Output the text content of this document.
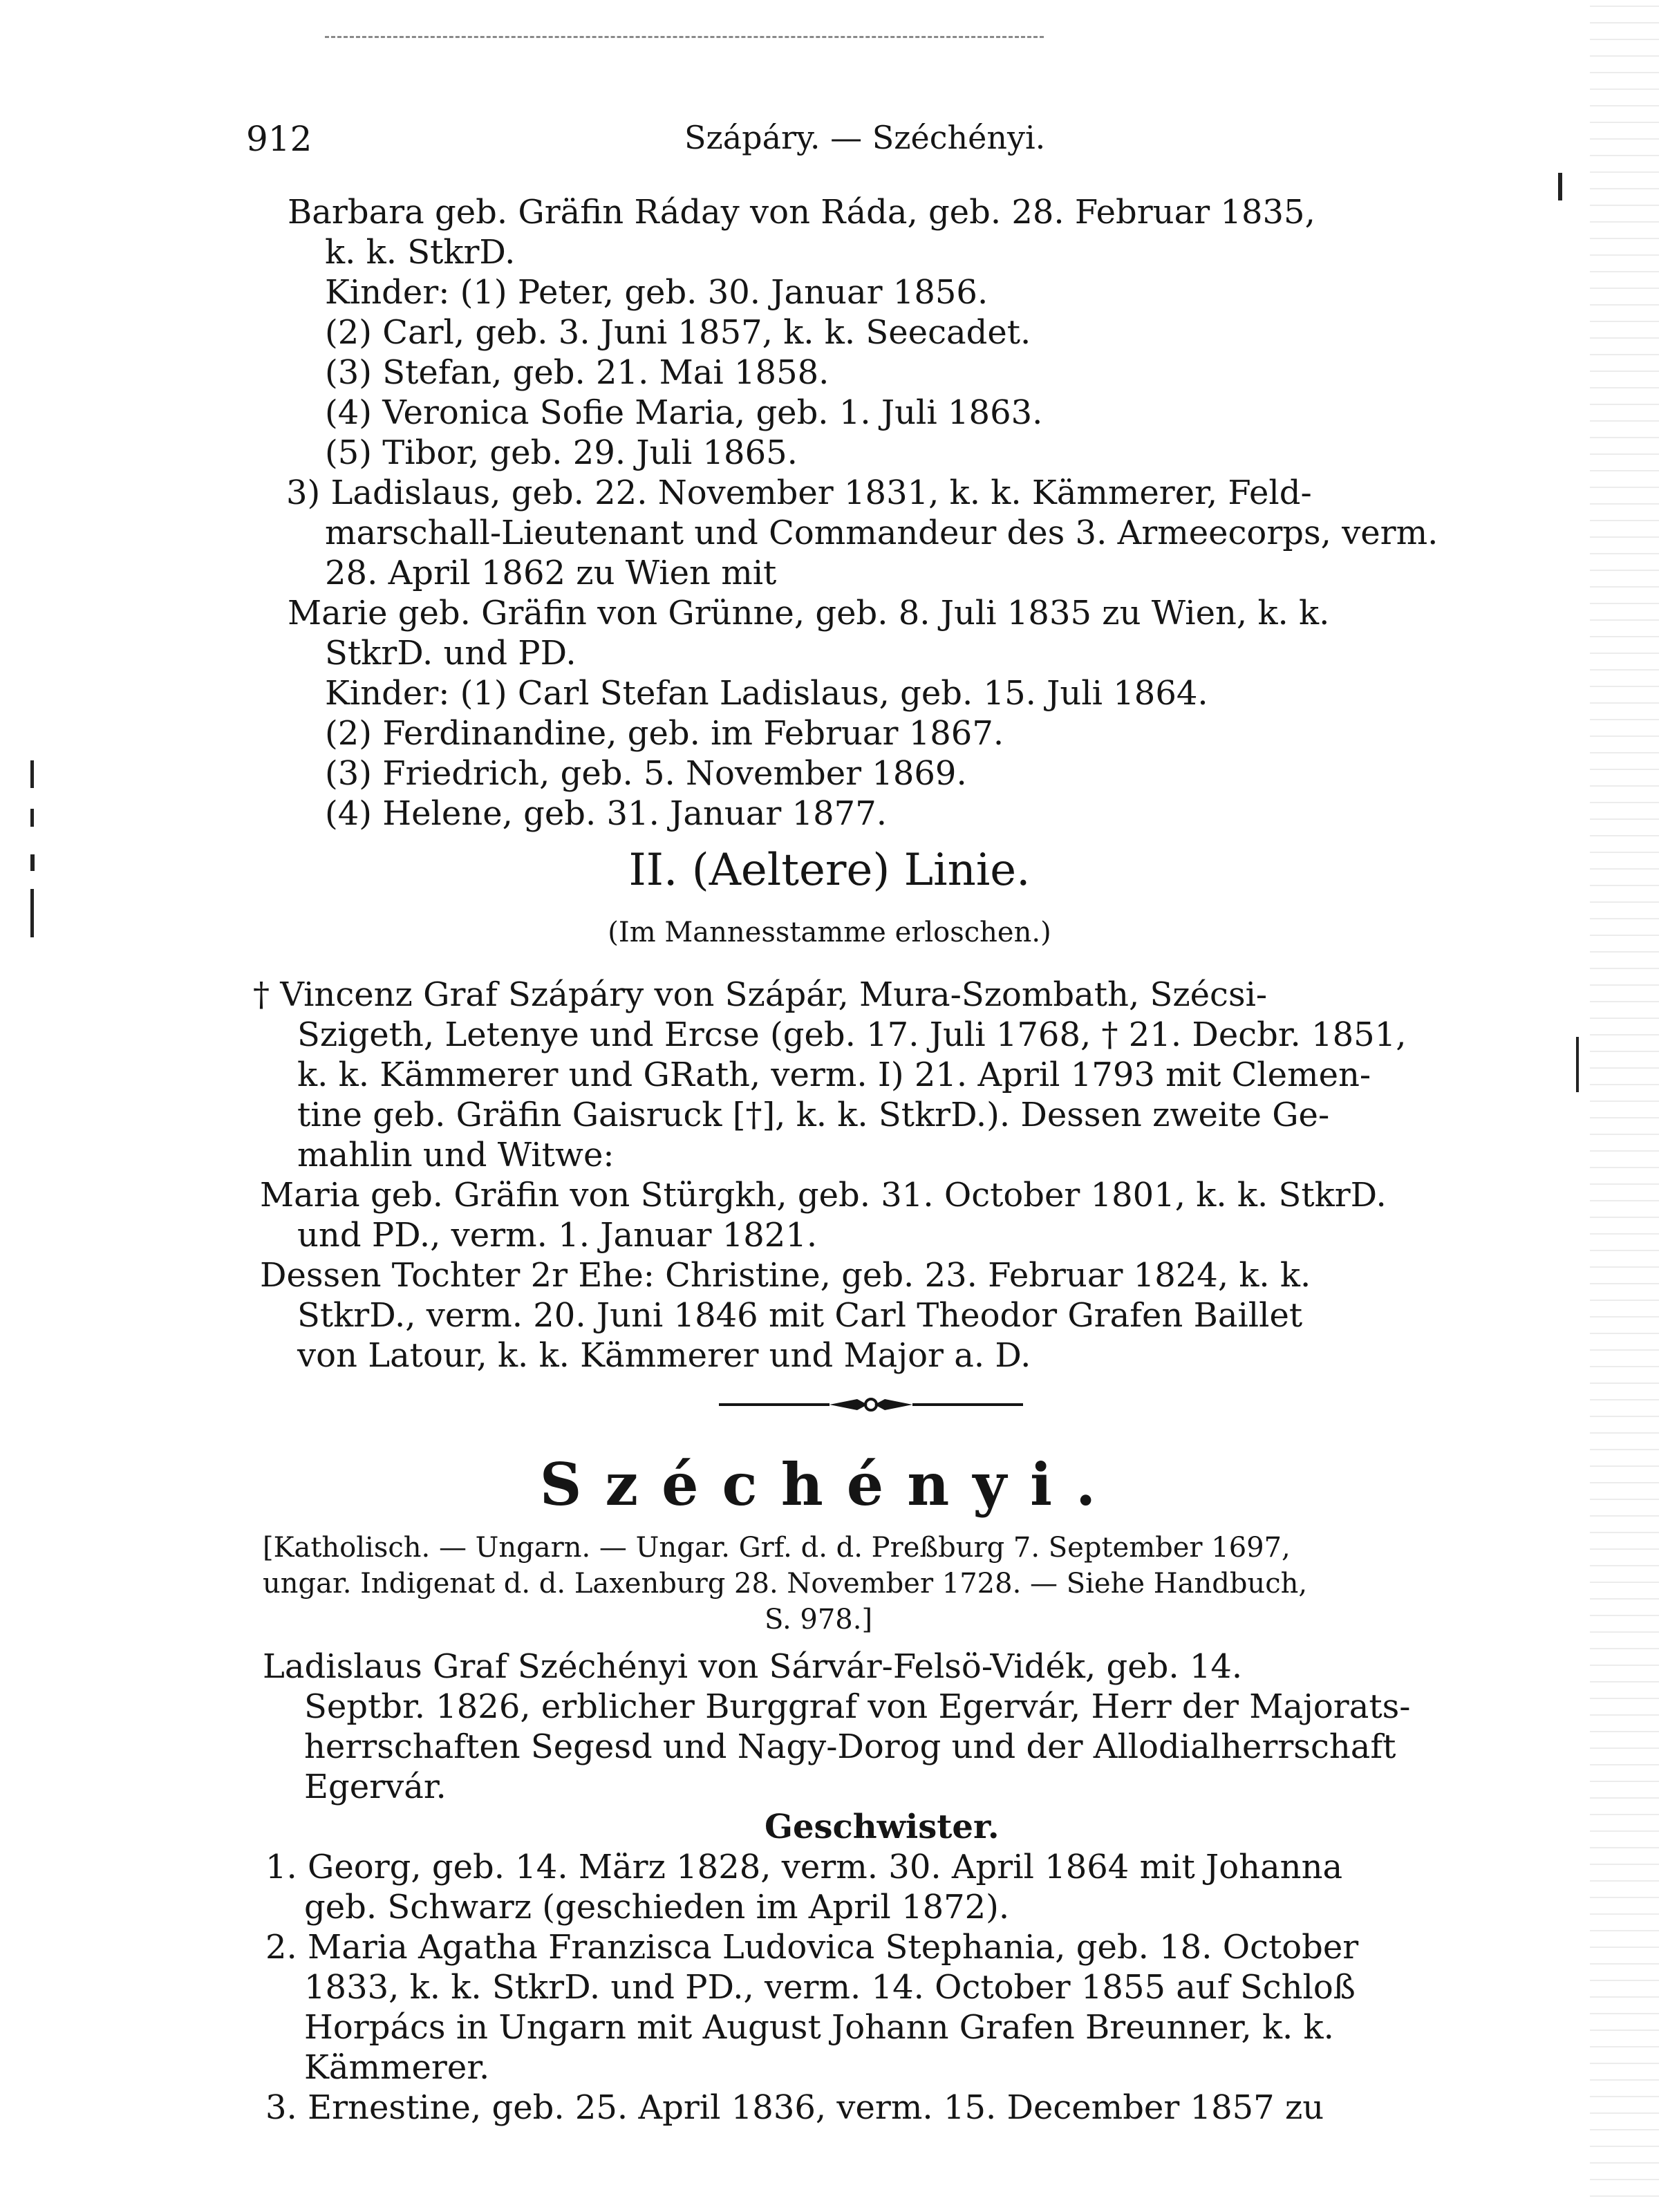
912	Szápáry. — Széchényi.
Barbara geb. Gräfin Ráday von Ráda, geb. 28. Februar 1835,
k. k. StkrD.
Kinder: (1) Peter, geb. 30. Januar 1856.
(2) Carl, geb. 3. Juni 1857, k. k. Seecadet.
(3) Stefan, geb. 21. Mai 1858.
(4) Veronica Sofie Maria, geb. 1. Juli 1863.
(5) Tibor, geb. 29. Juli 1865.
3) Ladislaus, geb. 22. November 1831, k. k. Kämmerer, Feld-
marschall-Lieutenant und Commandeur des 3. Armeecorps, verm.
28. April 1862 zu Wien mit
Marie geb. Gräfin von Grünne, geb. 8. Juli 1835 zu Wien, k. k.
StkrD. und PD.
Kinder: (1) Carl Stefan Ladislaus, geb. 15. Juli 1864.
(2) Ferdinandine, geb. im Februar 1867.
(3) Friedrich, geb. 5. November 1869.
(4) Helene, geb. 31. Januar 1877.
II. (Aeltere) Linie.
(Im Mannesstamme erloschen.)
† Vincenz Graf Szápáry von Szápár, Mura-Szombath, Szécsi-
Szigeth, Letenye und Ercse (geb. 17. Juli 1768, † 21. Decbr. 1851,
k. k. Kämmerer und GRath, verm. I) 21. April 1793 mit Clemen-
tine geb. Gräfin Gaisruck [†], k. k. StkrD.). Dessen zweite Ge-
mahlin und Witwe:
Maria geb. Gräfin von Stürgkh, geb. 31. October 1801, k. k. StkrD.
und PD., verm. 1. Januar 1821.
Dessen Tochter 2r Ehe: Christine, geb. 23. Februar 1824, k. k.
StkrD., verm. 20. Juni 1846 mit Carl Theodor Grafen Baillet
von Latour, k. k. Kämmerer und Major a. D.
Széchényi.
[Katholisch. — Ungarn. — Ungar. Grf. d. d. Preßburg 7. September 1697,
ungar. Indigenat d. d. Laxenburg 28. November 1728. — Siehe Handbuch,
S. 978.]
Ladislaus Graf Széchényi von Sárvár-Felsö-Vidék, geb. 14.
Septbr. 1826, erblicher Burggraf von Egervár, Herr der Majorats-
herrschaften Segesd und Nagy-Dorog und der Allodialherrschaft
Egervár.
Geschwister.
1. Georg, geb. 14. März 1828, verm. 30. April 1864 mit Johanna
geb. Schwarz (geschieden im April 1872).
2. Maria Agatha Franzisca Ludovica Stephania, geb. 18. October
1833, k. k. StkrD. und PD., verm. 14. October 1855 auf Schloß
Horpács in Ungarn mit August Johann Grafen Breunner, k. k.
Kämmerer.
3. Ernestine, geb. 25. April 1836, verm. 15. December 1857 zu
